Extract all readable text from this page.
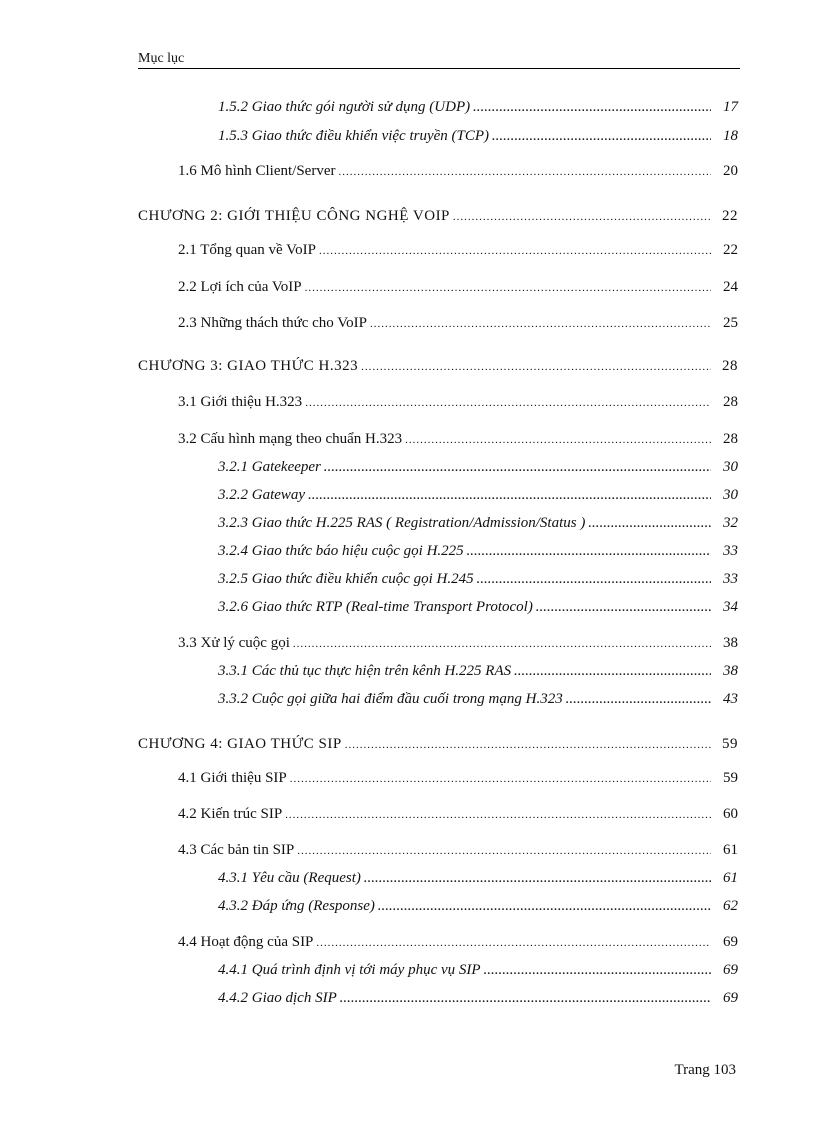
Mục lục
1.5.2 Giao thức gói người sử dụng (UDP) .....	17
1.5.3 Giao thức điều khiển việc truyền (TCP) .....	18
1.6 Mô hình Client/Server .....	20
CHƯƠNG 2: GIỚI THIỆU CÔNG NGHỆ VOIP .....	22
2.1 Tổng quan về VoIP .....	22
2.2 Lợi ích của VoIP .....	24
2.3 Những thách thức cho VoIP .....	25
CHƯƠNG 3: GIAO THỨC H.323 .....	28
3.1 Giới thiệu H.323 .....	28
3.2 Cấu hình mạng theo chuẩn H.323 .....	28
3.2.1 Gatekeeper .....	30
3.2.2 Gateway .....	30
3.2.3 Giao thức H.225 RAS ( Registration/Admission/Status ) .....	32
3.2.4 Giao thức báo hiệu cuộc gọi H.225 .....	33
3.2.5 Giao thức điều khiển cuộc gọi H.245 .....	33
3.2.6 Giao thức RTP (Real-time Transport Protocol) .....	34
3.3 Xử lý cuộc gọi .....	38
3.3.1 Các thủ tục thực hiện trên kênh H.225 RAS .....	38
3.3.2 Cuộc gọi giữa hai điểm đầu cuối trong mạng H.323 .....	43
CHƯƠNG 4: GIAO THỨC SIP .....	59
4.1 Giới thiệu SIP .....	59
4.2 Kiến trúc SIP .....	60
4.3 Các bản tin SIP .....	61
4.3.1 Yêu cầu (Request) .....	61
4.3.2 Đáp ứng (Response) .....	62
4.4 Hoạt động của SIP .....	69
4.4.1 Quá trình định vị tới máy phục vụ SIP .....	69
4.4.2 Giao dịch SIP .....	69
Trang 103
